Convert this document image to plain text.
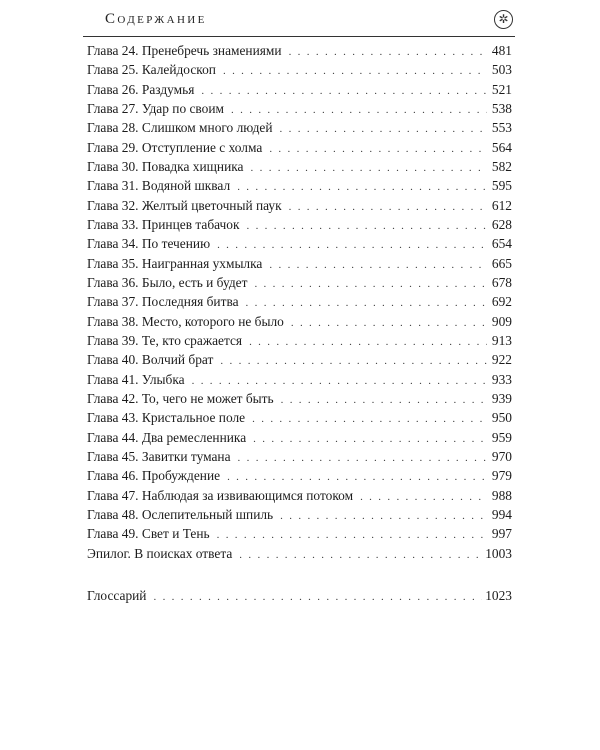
Содержание	✲
Глава 24. Пренебречь знамениями . . .	481
Глава 25. Калейдоскоп . . .	503
Глава 26. Раздумья . . .	521
Глава 27. Удар по своим . . .	538
Глава 28. Слишком много людей . . .	553
Глава 29. Отступление с холма . . .	564
Глава 30. Повадка хищника . . .	582
Глава 31. Водяной шквал . . .	595
Глава 32. Желтый цветочный паук . . .	612
Глава 33. Принцев табачок . . .	628
Глава 34. По течению . . .	654
Глава 35. Наигранная ухмылка . . .	665
Глава 36. Было, есть и будет . . .	678
Глава 37. Последняя битва . . .	692
Глава 38. Место, которого не было . . .	909
Глава 39. Те, кто сражается . . .	913
Глава 40. Волчий брат . . .	922
Глава 41. Улыбка . . .	933
Глава 42. То, чего не может быть . . .	939
Глава 43. Кристальное поле . . .	950
Глава 44. Два ремесленника . . .	959
Глава 45. Завитки тумана . . .	970
Глава 46. Пробуждение . . .	979
Глава 47. Наблюдая за извивающимся потоком . . .	988
Глава 48. Ослепительный шпиль . . .	994
Глава 49. Свет и Тень . . .	997
Эпилог. В поисках ответа . . .	1003
Глоссарий . . .	1023
